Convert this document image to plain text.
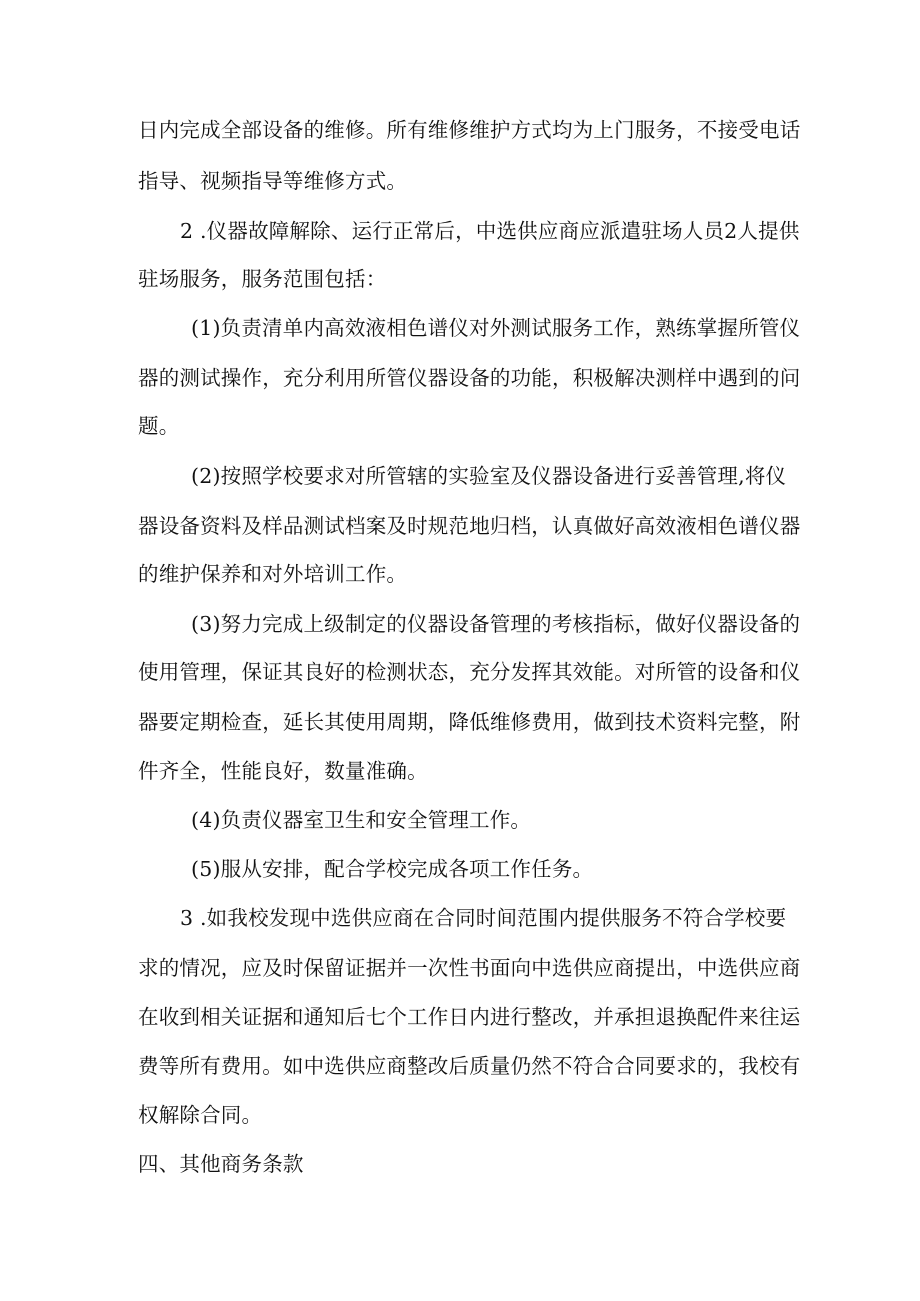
日内完成全部设备的维修。所有维修维护方式均为上门服务，不接受电话
指导、视频指导等维修方式。
2 .仪器故障解除、运行正常后，中选供应商应派遣驻场人员2人提供
驻场服务，服务范围包括：
(1)负责清单内高效液相色谱仪对外测试服务工作，熟练掌握所管仪
器的测试操作，充分利用所管仪器设备的功能，积极解决测样中遇到的问
题。
(2)按照学校要求对所管辖的实验室及仪器设备进行妥善管理,将仪
器设备资料及样品测试档案及时规范地归档，认真做好高效液相色谱仪器
的维护保养和对外培训工作。
(3)努力完成上级制定的仪器设备管理的考核指标，做好仪器设备的
使用管理，保证其良好的检测状态，充分发挥其效能。对所管的设备和仪
器要定期检查，延长其使用周期，降低维修费用，做到技术资料完整，附
件齐全，性能良好，数量准确。
(4)负责仪器室卫生和安全管理工作。
(5)服从安排，配合学校完成各项工作任务。
3 .如我校发现中选供应商在合同时间范围内提供服务不符合学校要
求的情况，应及时保留证据并一次性书面向中选供应商提出，中选供应商
在收到相关证据和通知后七个工作日内进行整改，并承担退换配件来往运
费等所有费用。如中选供应商整改后质量仍然不符合合同要求的，我校有
权解除合同。
四、其他商务条款
